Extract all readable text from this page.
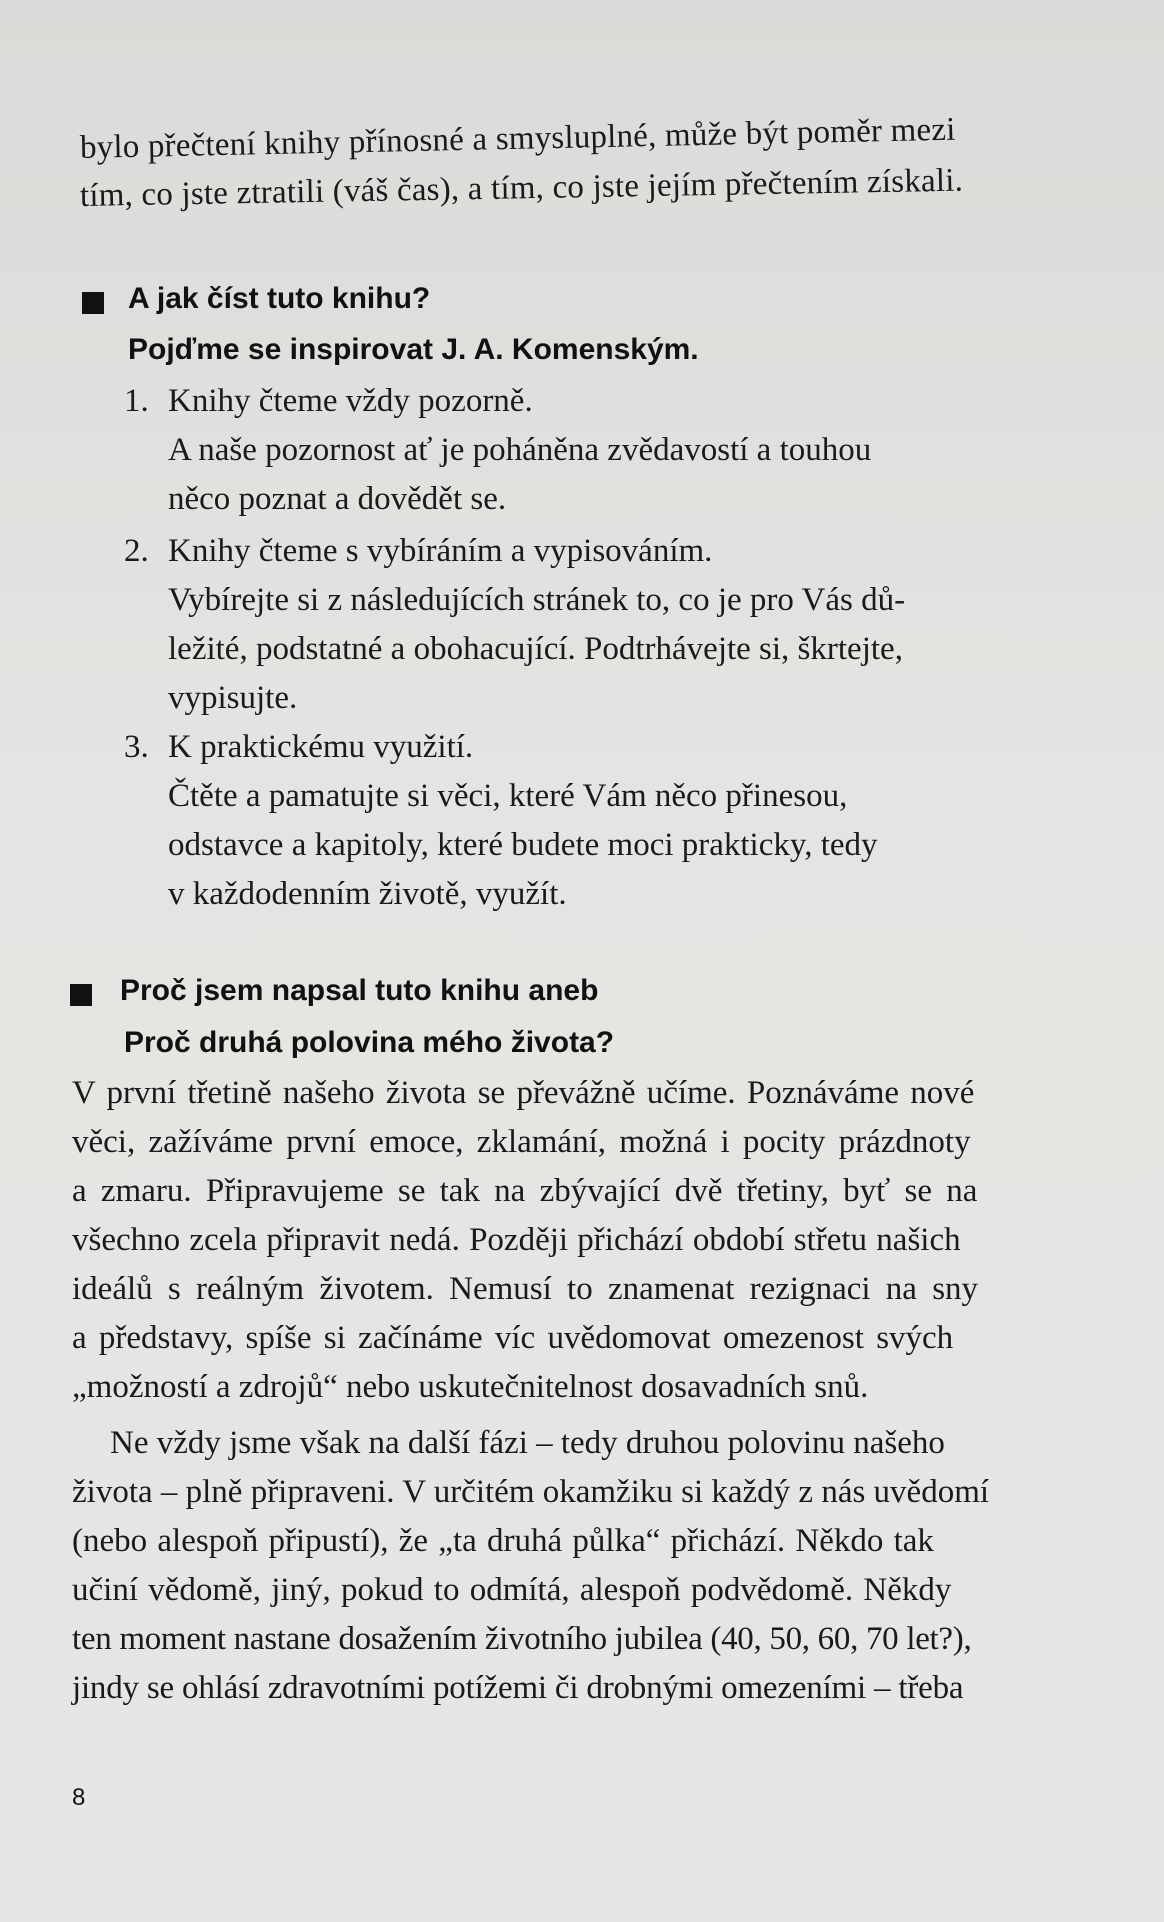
bylo přečtení knihy přínosné a smysluplné, může být poměr mezi
tím, co jste ztratili (váš čas), a tím, co jste jejím přečtením získali.
A jak číst tuto knihu?
Pojďme se inspirovat J. A. Komenským.
1. Knihy čteme vždy pozorně.
A naše pozornost ať je poháněna zvědavostí a touhou
něco poznat a dovědět se.
2. Knihy čteme s vybíráním a vypisováním.
Vybírejte si z následujících stránek to, co je pro Vás dů-
ležité, podstatné a obohacující. Podtrhávejte si, škrtejte,
vypisujte.
3. K praktickému využití.
Čtěte a pamatujte si věci, které Vám něco přinesou,
odstavce a kapitoly, které budete moci prakticky, tedy
v každodenním životě, využít.
Proč jsem napsal tuto knihu aneb
Proč druhá polovina mého života?
V první třetině našeho života se převážně učíme. Poznáváme nové
věci, zažíváme první emoce, zklamání, možná i pocity prázdnoty
a zmaru. Připravujeme se tak na zbývající dvě třetiny, byť se na
všechno zcela připravit nedá. Později přichází období střetu našich
ideálů s reálným životem. Nemusí to znamenat rezignaci na sny
a představy, spíše si začínáme víc uvědomovat omezenost svých
„možností a zdrojů“ nebo uskutečnitelnost dosavadních snů.
Ne vždy jsme však na další fázi – tedy druhou polovinu našeho
života – plně připraveni. V určitém okamžiku si každý z nás uvědomí
(nebo alespoň připustí), že „ta druhá půlka“ přichází. Někdo tak
učiní vědomě, jiný, pokud to odmítá, alespoň podvědomě. Někdy
ten moment nastane dosažením životního jubilea (40, 50, 60, 70 let?),
jindy se ohlásí zdravotními potížemi či drobnými omezeními – třeba
8
